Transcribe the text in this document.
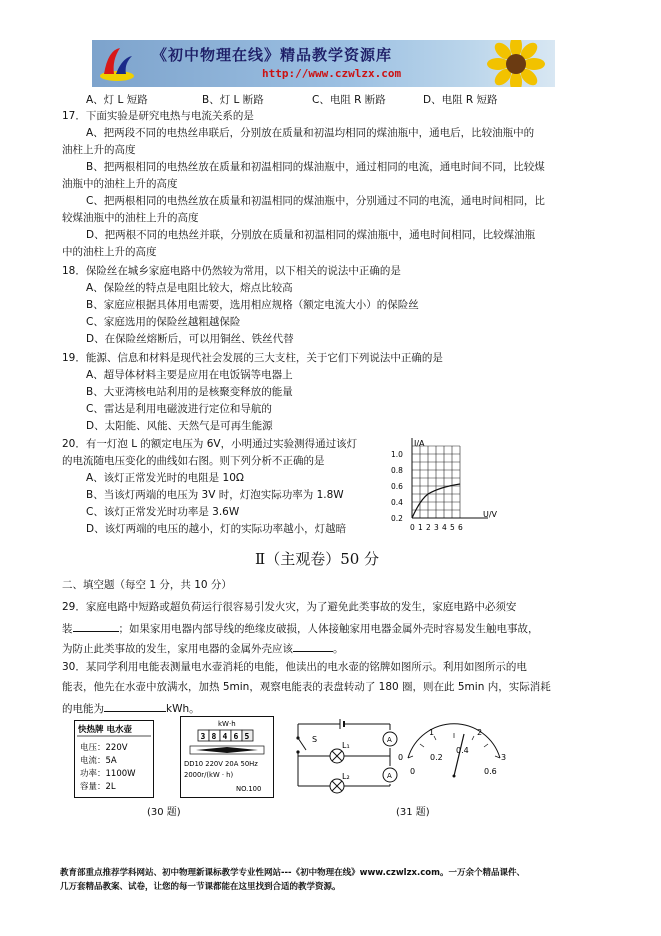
《初中物理在线》精品教学资源库
http://www.czwlzx.com
A、灯 L 短路	B、灯 L 断路	C、电阻 R 断路	D、电阻 R 短路
17．下面实验是研究电热与电流关系的是
A、把两段不同的电热丝串联后，分别放在质量和初温均相同的煤油瓶中，通电后，比较油瓶中的
油柱上升的高度
B、把两根相同的电热丝放在质量和初温相同的煤油瓶中，通过相同的电流，通电时间不同，比较煤
油瓶中的油柱上升的高度
C、把两根相同的电热丝放在质量和初温相同的煤油瓶中，分别通过不同的电流，通电时间相同，比
较煤油瓶中的油柱上升的高度
D、把两根不同的电热丝并联，分别放在质量和初温相同的煤油瓶中，通电时间相同，比较煤油瓶
中的油柱上升的高度
18．保险丝在城乡家庭电路中仍然较为常用，以下相关的说法中正确的是
A、保险丝的特点是电阻比较大，熔点比较高
B、家庭应根据具体用电需要，选用相应规格（额定电流大小）的保险丝
C、家庭选用的保险丝越粗越保险
D、在保险丝熔断后，可以用铜丝、铁丝代替
19．能源、信息和材料是现代社会发展的三大支柱，关于它们下列说法中正确的是
A、超导体材料主要是应用在电饭锅等电器上
B、大亚湾核电站利用的是核聚变释放的能量
C、雷达是利用电磁波进行定位和导航的
D、太阳能、风能、天然气是可再生能源
20．有一灯泡 L 的额定电压为 6V，小明通过实验测得通过该灯
的电流随电压变化的曲线如右图。则下列分析不正确的是
A、该灯正常发光时的电阻是 10Ω
B、当该灯两端的电压为 3V 时，灯泡实际功率为 1.8W
C、该灯正常发光时功率是 3.6W
D、该灯两端的电压的越小，灯的实际功率越小，灯越暗
I/A
U/V
1.0
0.8
0.6
0.4
0.2
0 1 2 3 4 5 6
Ⅱ（主观卷）50 分
二、填空题（每空 1 分，共 10 分）
29．家庭电路中短路或超负荷运行很容易引发火灾，为了避免此类事故的发生，家庭电路中必须安
装	；如果家用电器内部导线的绝缘皮破损，人体接触家用电器金属外壳时容易发生触电事故，
为防止此类事故的发生，家用电器的金属外壳应该	。
30．某同学利用电能表测量电水壶消耗的电能，他读出的电水壶的铭牌如图所示。利用如图所示的电
能表，他先在水壶中放满水，加热 5min，观察电能表的表盘转动了 180 圈，则在此 5min 内，实际消耗
的电能为	kWh。
快热牌 电水壶
电压：220V
电流：5A
功率：1100W
容量：2L
kW·h
3 8 4 6 5
DD10 220V 20A 50Hz
2000r/(kW · h)
NO.100
S
L₁
L₂
A
A
0
1	2
3
0
0.2
0.4
0.6
(30 题)	(31 题)
教育部重点推荐学科网站、初中物理新课标教学专业性网站---《初中物理在线》www.czwlzx.com。一万余个精品课件、
几万套精品教案、试卷，让您的每一节课都能在这里找到合适的教学资源。
